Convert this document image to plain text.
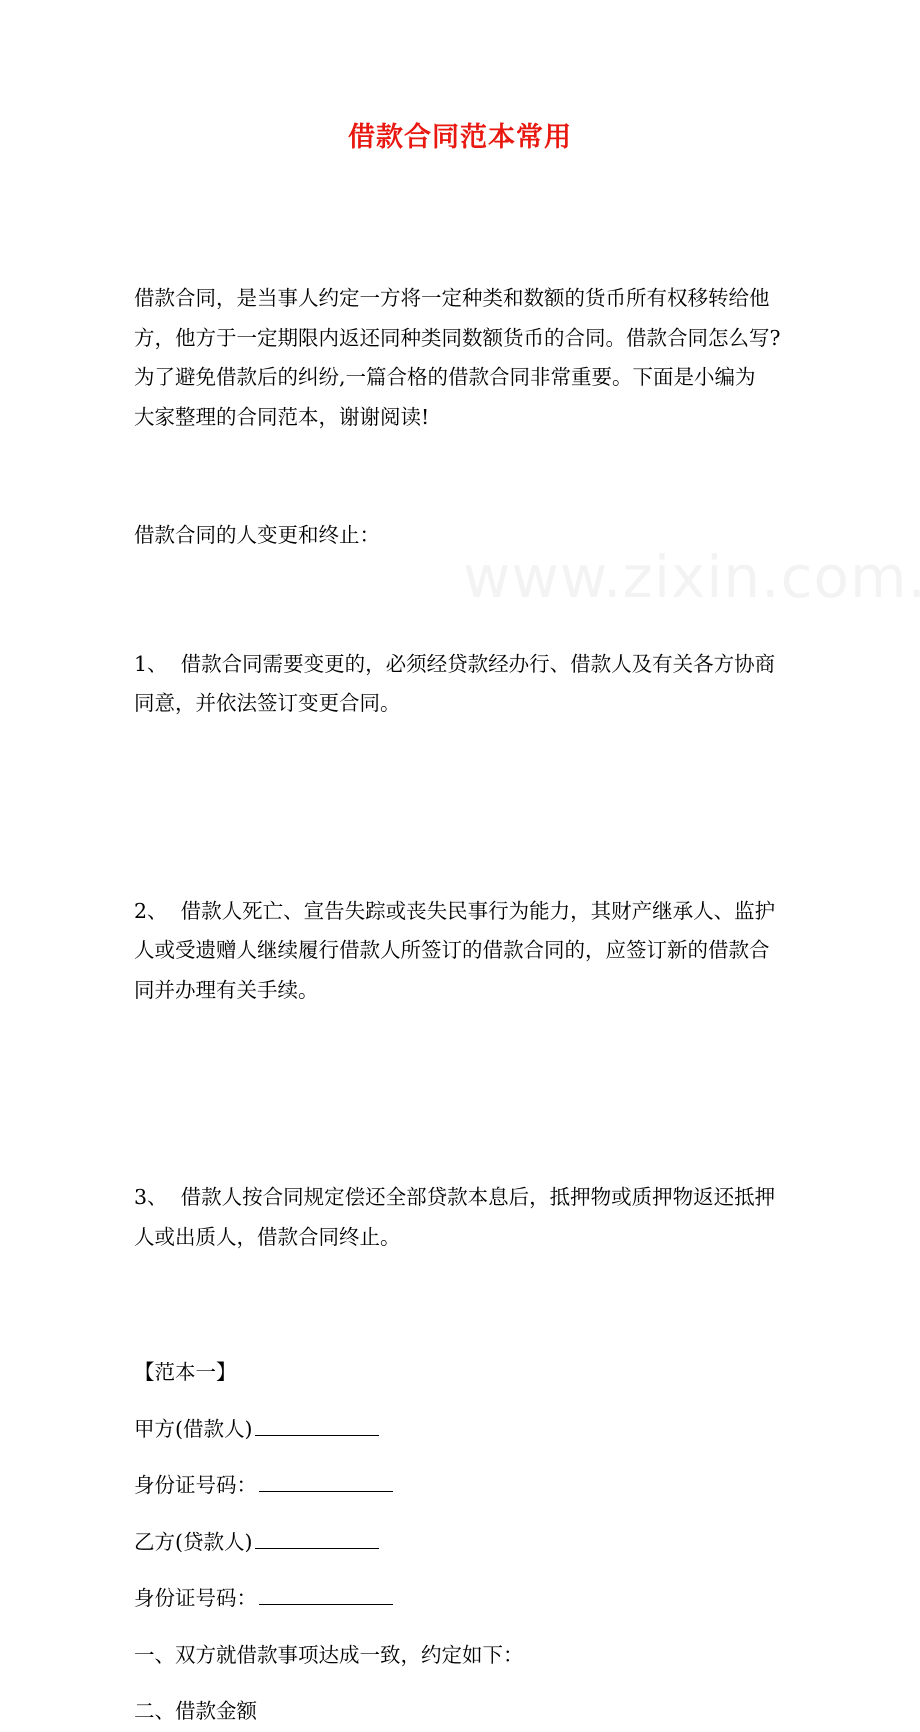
借款合同范本常用

借款合同，是当事人约定一方将一定种类和数额的货币所有权移转给他
方，他方于一定期限内返还同种类同数额货币的合同。借款合同怎么写?
为了避免借款后的纠纷,一篇合格的借款合同非常重要。下面是小编为
大家整理的合同范本，谢谢阅读!

借款合同的人变更和终止：

1、  借款合同需要变更的，必须经贷款经办行、借款人及有关各方协商
同意，并依法签订变更合同。

2、  借款人死亡、宣告失踪或丧失民事行为能力，其财产继承人、监护
人或受遗赠人继续履行借款人所签订的借款合同的，应签订新的借款合
同并办理有关手续。

3、  借款人按合同规定偿还全部贷款本息后，抵押物或质押物返还抵押
人或出质人，借款合同终止。

【范本一】

甲方(借款人)

身份证号码：

乙方(贷款人)

身份证号码：

一、双方就借款事项达成一致，约定如下：

二、借款金额
